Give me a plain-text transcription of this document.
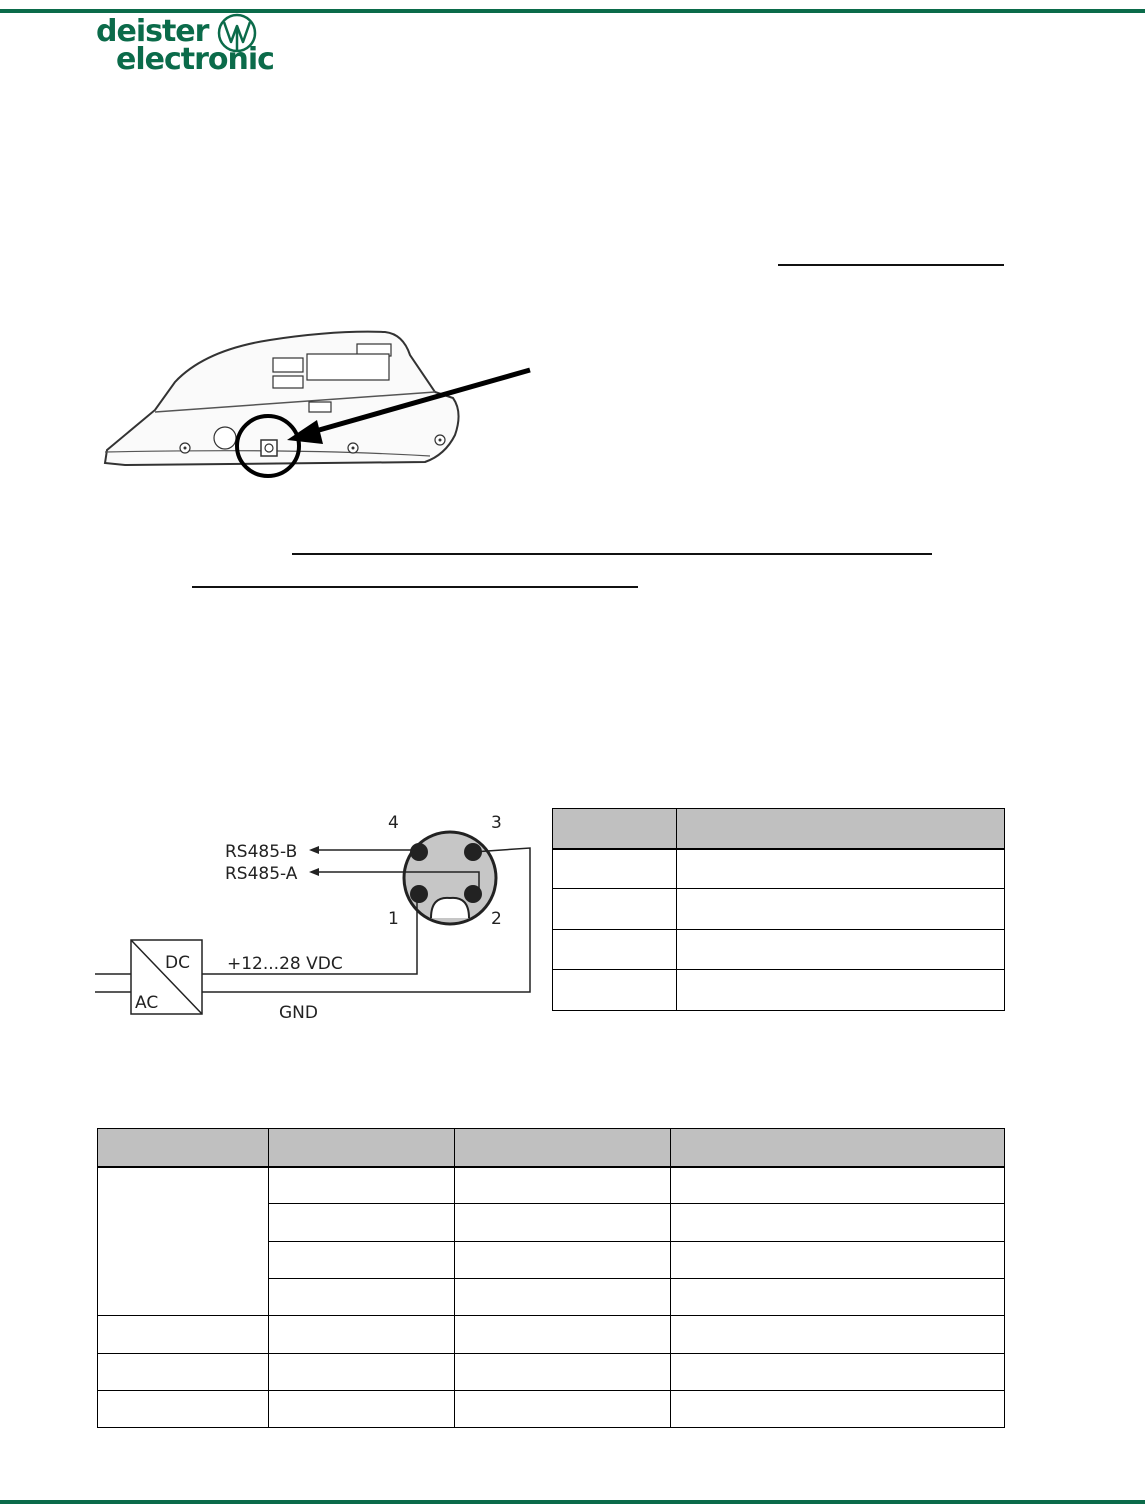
deister
electronic
4	3
1	2
RS485-B
RS485-A
+12...28 VDC
GND
DC
AC
